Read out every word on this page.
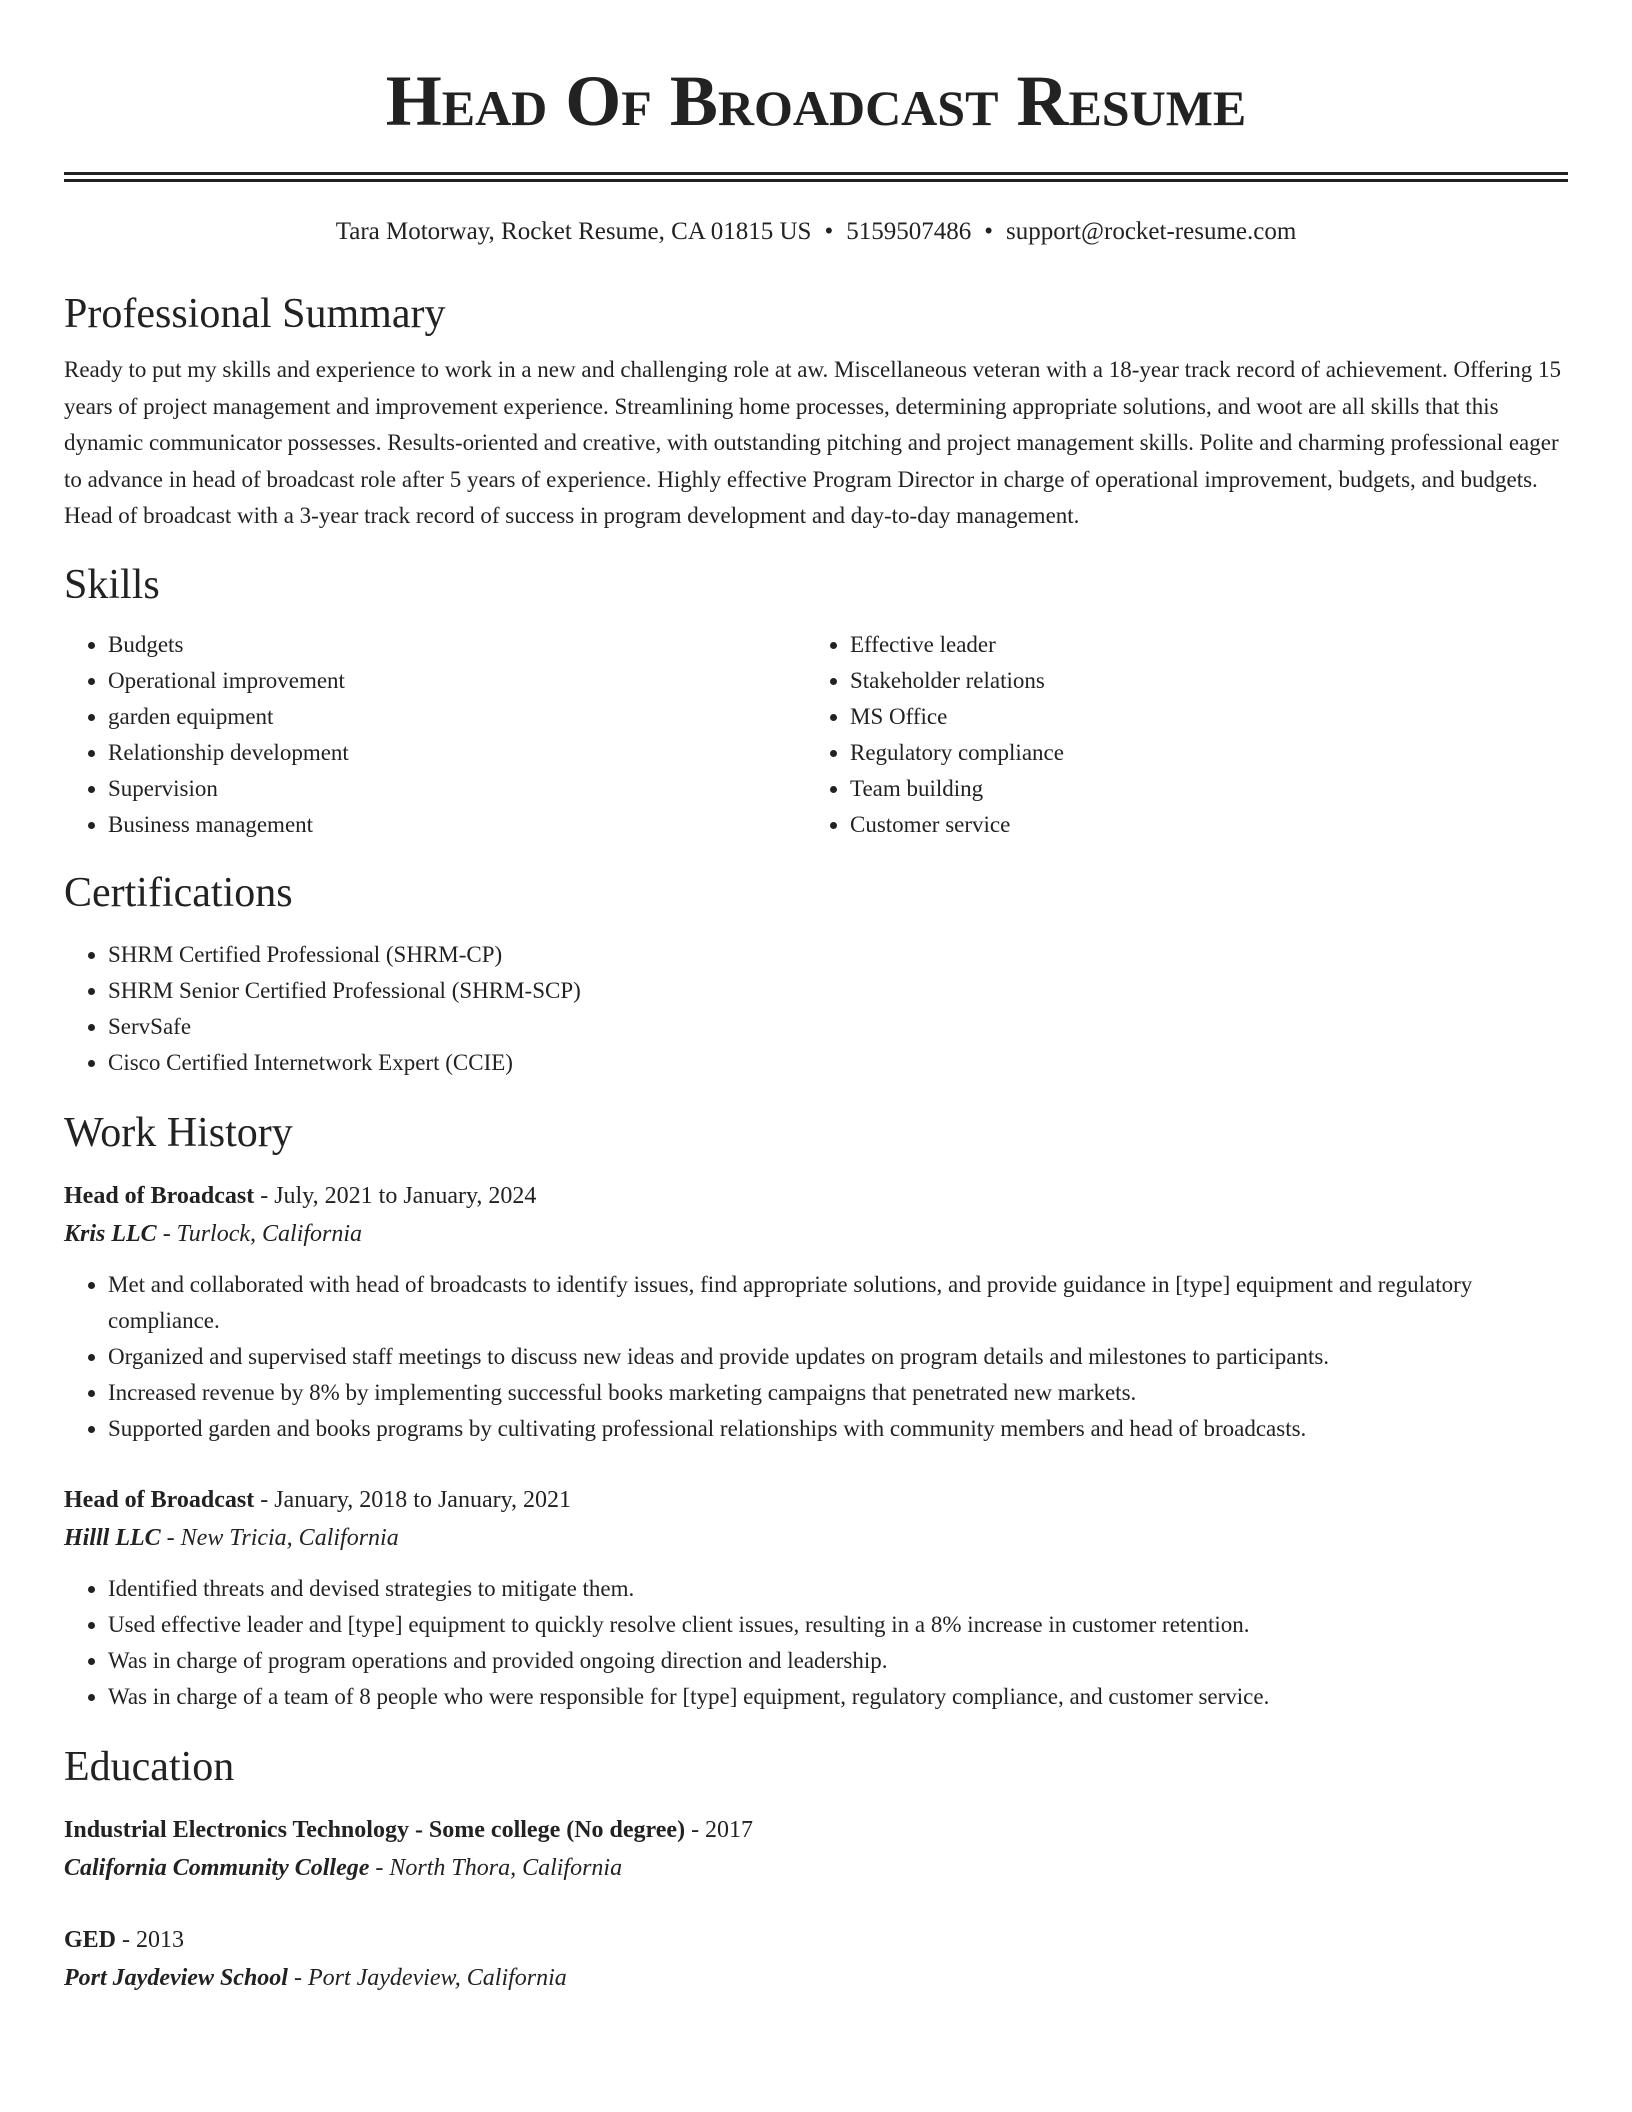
Head Of Broadcast Resume
Tara Motorway, Rocket Resume, CA 01815 US • 5159507486 • support@rocket-resume.com
Professional Summary

Ready to put my skills and experience to work in a new and challenging role at aw. Miscellaneous veteran with a 18-year track record of achievement. Offering 15 years of project management and improvement experience. Streamlining home processes, determining appropriate solutions, and woot are all skills that this dynamic communicator possesses. Results-oriented and creative, with outstanding pitching and project management skills. Polite and charming professional eager to advance in head of broadcast role after 5 years of experience. Highly effective Program Director in charge of operational improvement, budgets, and budgets. Head of broadcast with a 3-year track record of success in program development and day-to-day management.

Skills
• Budgets
• Operational improvement
• garden equipment
• Relationship development
• Supervision
• Business management
• Effective leader
• Stakeholder relations
• MS Office
• Regulatory compliance
• Team building
• Customer service
Certifications
• SHRM Certified Professional (SHRM-CP)
• SHRM Senior Certified Professional (SHRM-SCP)
• ServSafe
• Cisco Certified Internetwork Expert (CCIE)
Work History
Head of Broadcast - July, 2021 to January, 2024
Kris LLC - Turlock, California
• Met and collaborated with head of broadcasts to identify issues, find appropriate solutions, and provide guidance in [type] equipment and regulatory compliance.
• Organized and supervised staff meetings to discuss new ideas and provide updates on program details and milestones to participants.
• Increased revenue by 8% by implementing successful books marketing campaigns that penetrated new markets.
• Supported garden and books programs by cultivating professional relationships with community members and head of broadcasts.
Head of Broadcast - January, 2018 to January, 2021
Hilll LLC - New Tricia, California
• Identified threats and devised strategies to mitigate them.
• Used effective leader and [type] equipment to quickly resolve client issues, resulting in a 8% increase in customer retention.
• Was in charge of program operations and provided ongoing direction and leadership.
• Was in charge of a team of 8 people who were responsible for [type] equipment, regulatory compliance, and customer service.
Education
Industrial Electronics Technology - Some college (No degree) - 2017
California Community College - North Thora, California
GED - 2013
Port Jaydeview School - Port Jaydeview, California
